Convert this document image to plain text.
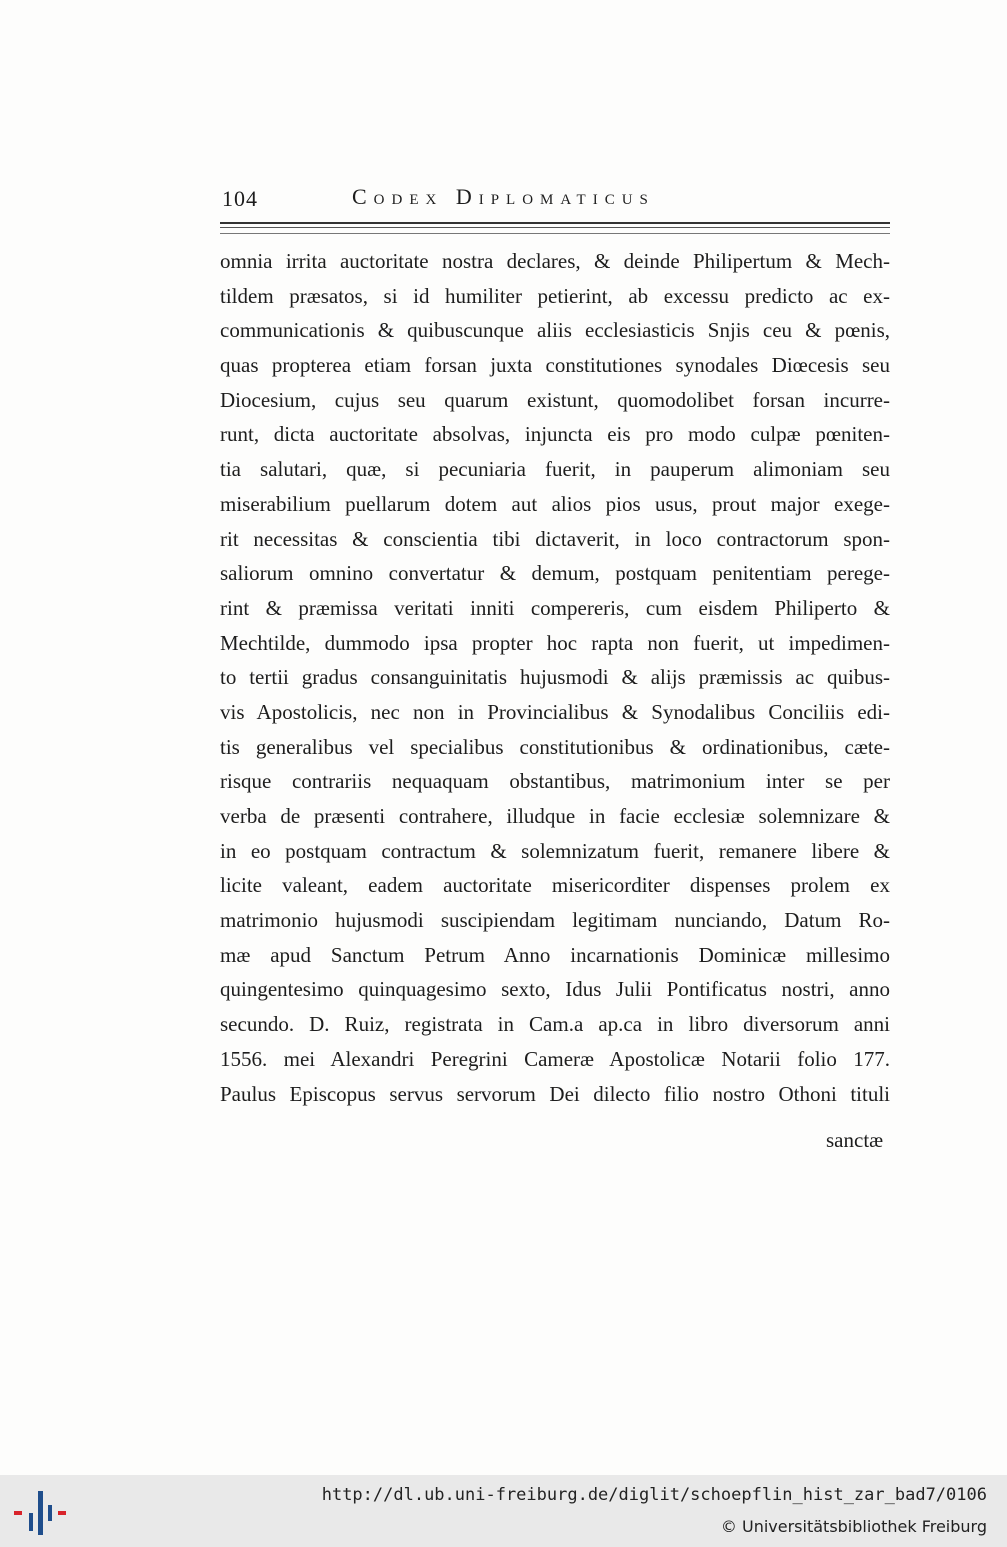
104	Codex Diplomaticus
omnia irrita auctoritate nostra declares, & deinde Philipertum & Mech-
tildem præsatos, si id humiliter petierint, ab excessu predicto ac ex-
communicationis & quibuscunque aliis ecclesiasticis Snjis ceu & pœnis,
quas propterea etiam forsan juxta constitutiones synodales Diœcesis seu
Diocesium, cujus seu quarum existunt, quomodolibet forsan incurre-
runt, dicta auctoritate absolvas, injuncta eis pro modo culpæ pœniten-
tia salutari, quæ, si pecuniaria fuerit, in pauperum alimoniam seu
miserabilium puellarum dotem aut alios pios usus, prout major exege-
rit necessitas & conscientia tibi dictaverit, in loco contractorum spon-
saliorum omnino convertatur & demum, postquam penitentiam perege-
rint & præmissa veritati inniti compereris, cum eisdem Philiperto &
Mechtilde, dummodo ipsa propter hoc rapta non fuerit, ut impedimen-
to tertii gradus consanguinitatis hujusmodi & alijs præmissis ac quibus-
vis Apostolicis, nec non in Provincialibus & Synodalibus Conciliis edi-
tis generalibus vel specialibus constitutionibus & ordinationibus, cæte-
risque contrariis nequaquam obstantibus, matrimonium inter se per
verba de præsenti contrahere, illudque in facie ecclesiæ solemnizare &
in eo postquam contractum & solemnizatum fuerit, remanere libere &
licite valeant, eadem auctoritate misericorditer dispenses prolem ex
matrimonio hujusmodi suscipiendam legitimam nunciando, Datum Ro-
mæ apud Sanctum Petrum Anno incarnationis Dominicæ millesimo
quingentesimo quinquagesimo sexto, Idus Julii Pontificatus nostri, anno
secundo. D. Ruiz, registrata in Cam.a ap.ca in libro diversorum anni
1556. mei Alexandri Peregrini Cameræ Apostolicæ Notarii folio 177.
Paulus Episcopus servus servorum Dei dilecto filio nostro Othoni tituli
sanctæ
http://dl.ub.uni-freiburg.de/diglit/schoepflin_hist_zar_bad7/0106
© Universitätsbibliothek Freiburg
